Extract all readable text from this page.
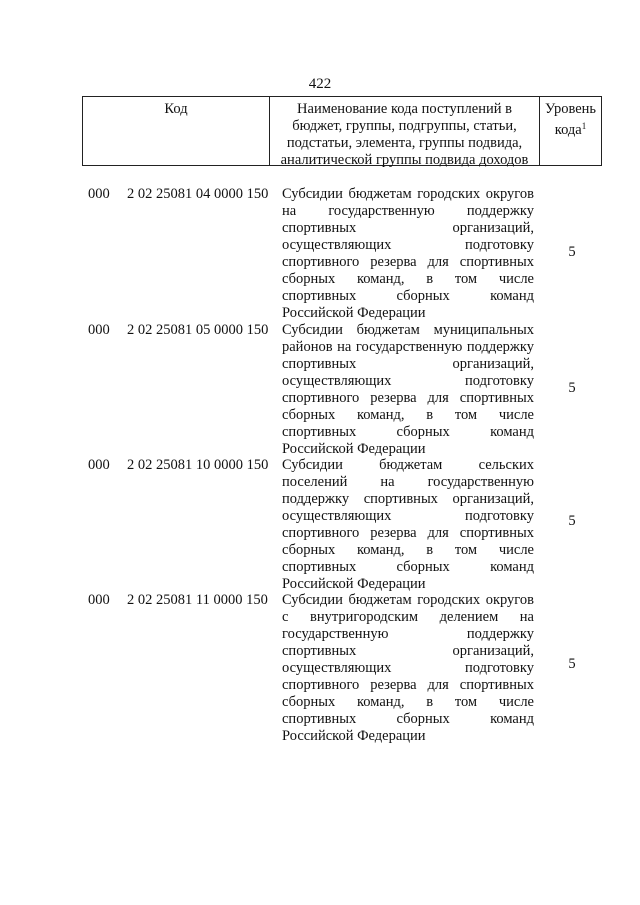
422
Код	Наименование кода поступлений в
бюджет, группы, подгруппы, статьи,
подстатьи, элемента, группы подвида,
аналитической группы подвида доходов
Уровень
кода$^1$
000 2 02 25081 04 0000 150 Субсидии бюджетам городских округов
на государственную поддержку
спортивных организаций,
осуществляющих подготовку
спортивного резерва для спортивных
сборных команд, в том числе
спортивных сборных команд
Российской Федерации
5
000 2 02 25081 05 0000 150 Субсидии бюджетам муниципальных
районов на государственную поддержку
спортивных организаций,
осуществляющих подготовку
спортивного резерва для спортивных
сборных команд, в том числе
спортивных сборных команд
Российской Федерации
5
000 2 02 25081 10 0000 150 Субсидии бюджетам сельских
поселений на государственную
поддержку спортивных организаций,
осуществляющих подготовку
спортивного резерва для спортивных
сборных команд, в том числе
спортивных сборных команд
Российской Федерации
5
000 2 02 25081 11 0000 150 Субсидии бюджетам городских округов
с внутригородским делением на
государственную поддержку
спортивных организаций,
осуществляющих подготовку
спортивного резерва для спортивных
сборных команд, в том числе
спортивных сборных команд
Российской Федерации
5
